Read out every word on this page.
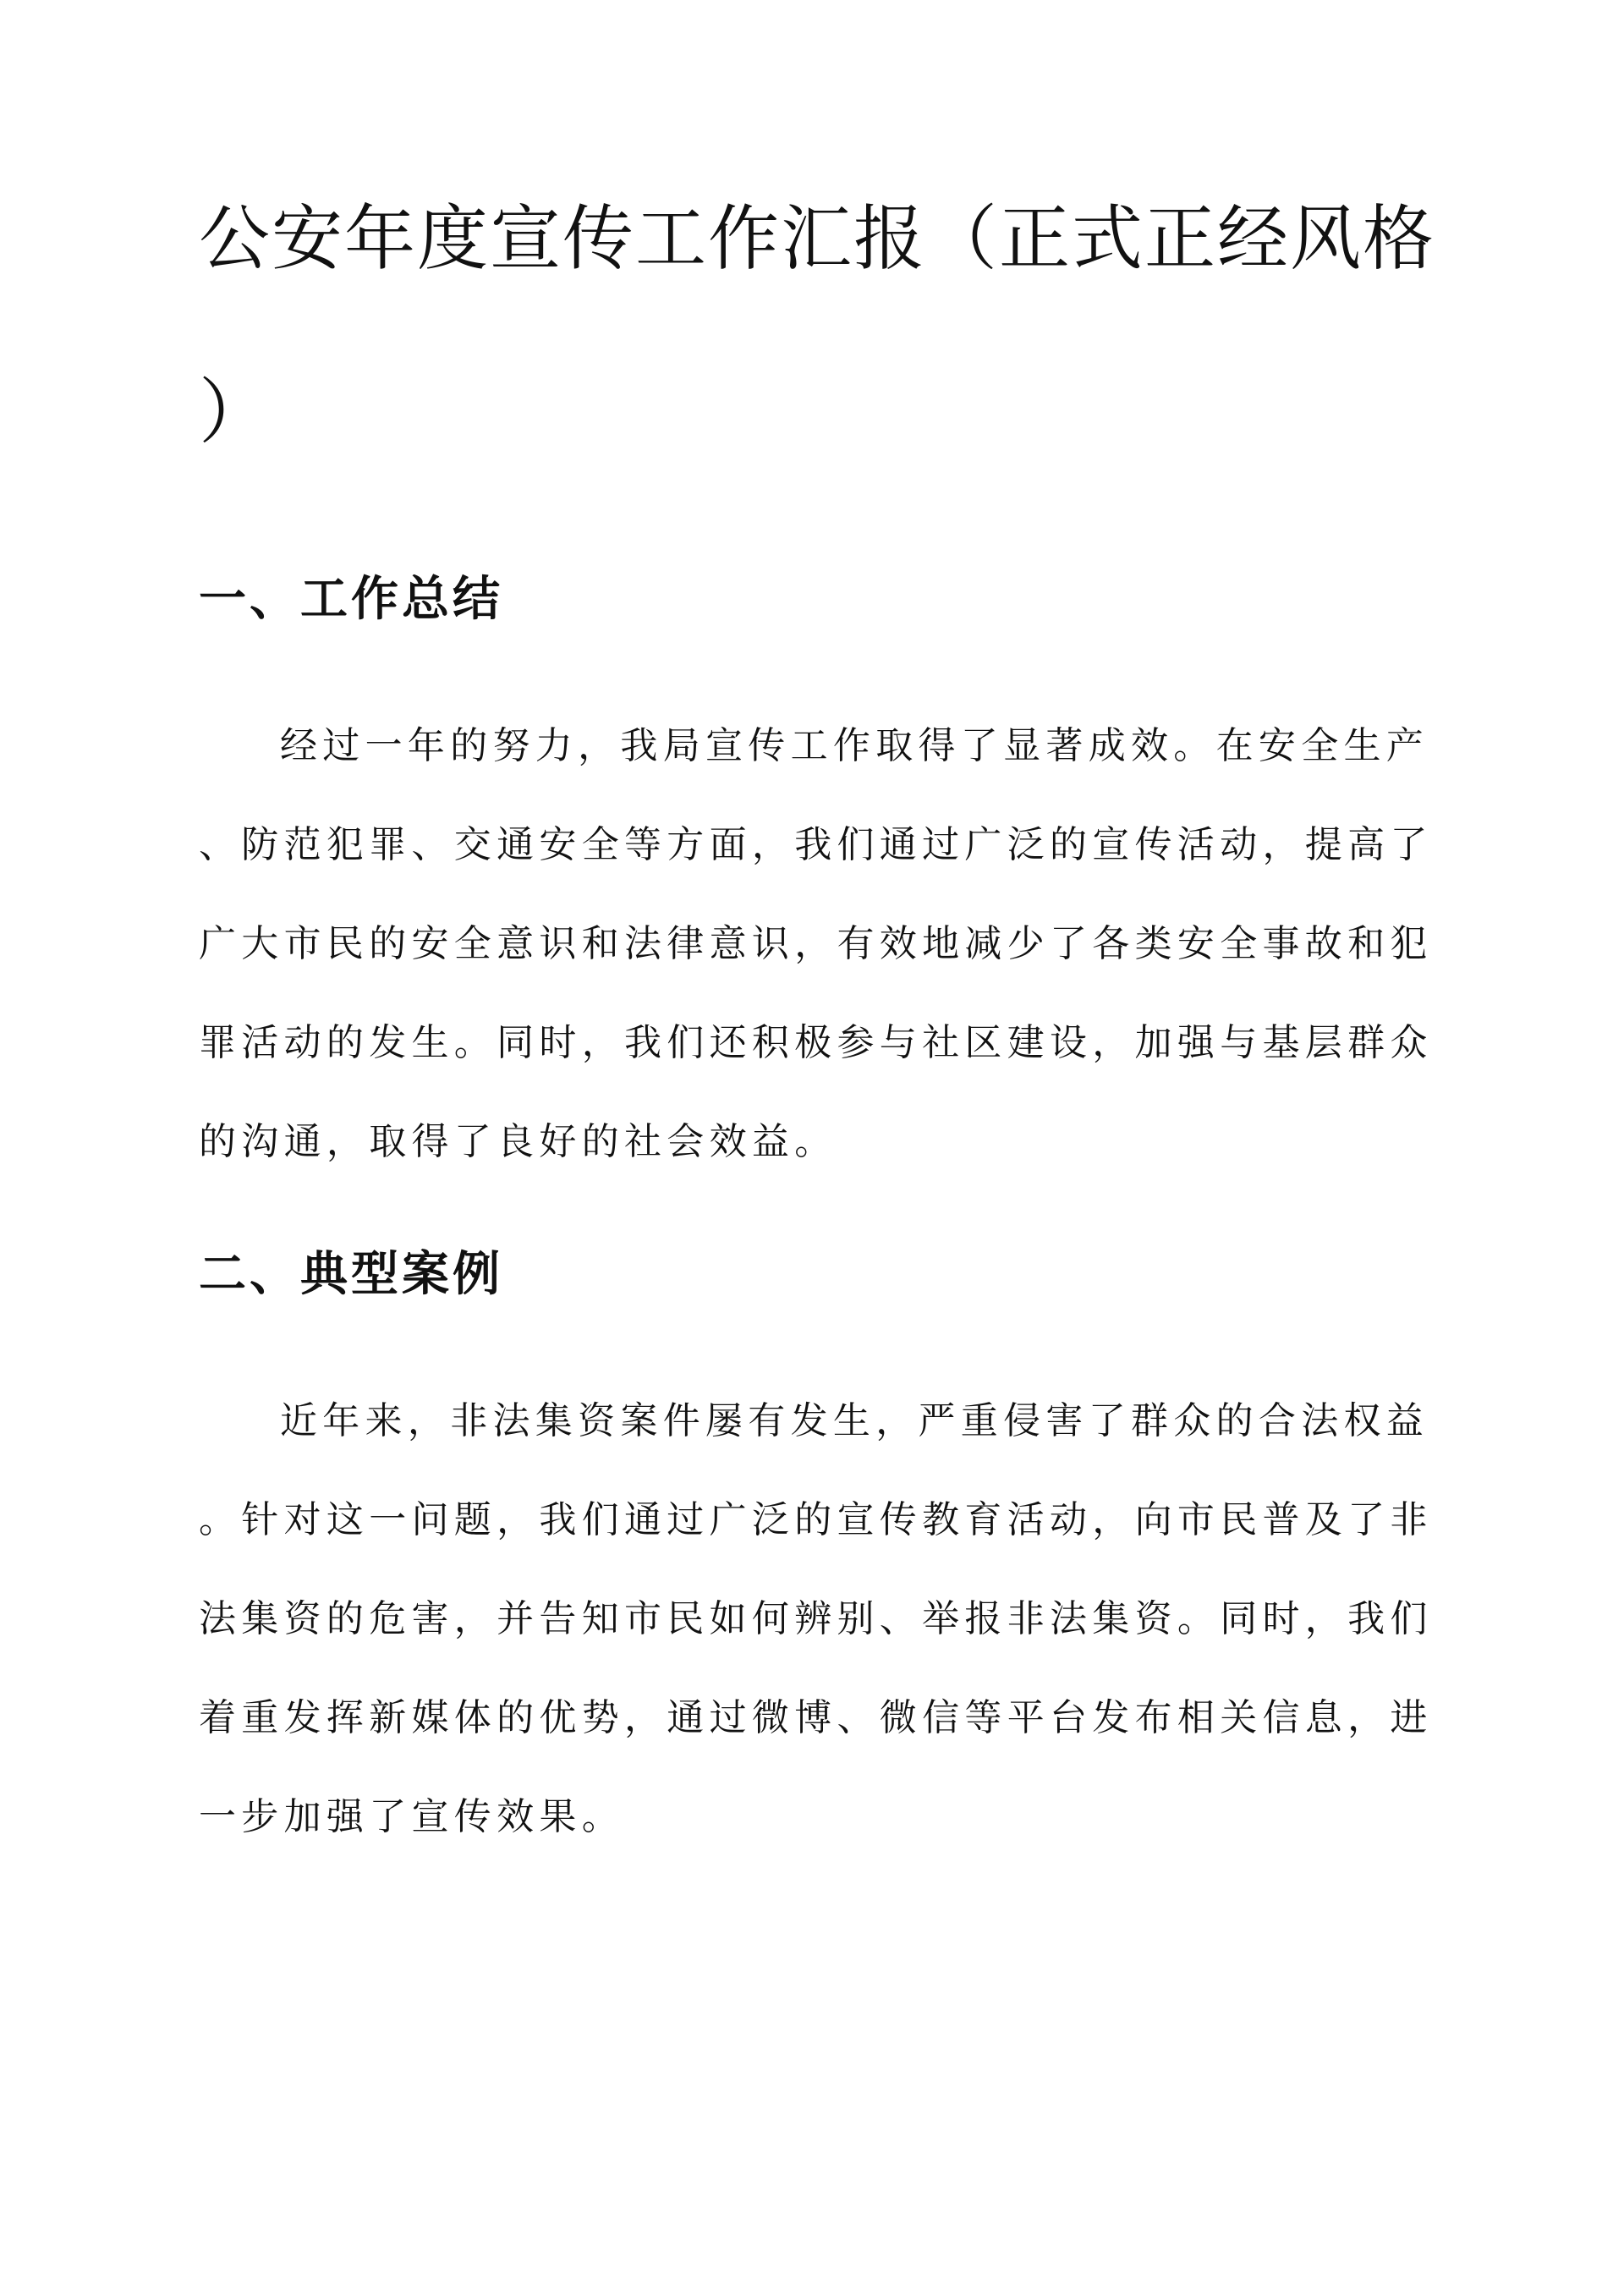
公安年度宣传工作汇报（正式正经风格
）
一、工作总结
经过一年的努力，我局宣传工作取得了显著成效。在安全生产
、防范犯罪、交通安全等方面，我们通过广泛的宣传活动，提高了
广大市民的安全意识和法律意识，有效地减少了各类安全事故和犯
罪活动的发生。同时，我们还积极参与社区建设，加强与基层群众
的沟通，取得了良好的社会效益。
二、典型案例
近年来，非法集资案件屡有发生，严重侵害了群众的合法权益
。针对这一问题，我们通过广泛的宣传教育活动，向市民普及了非
法集资的危害，并告知市民如何辨别、举报非法集资。同时，我们
着重发挥新媒体的优势，通过微博、微信等平台发布相关信息，进
一步加强了宣传效果。
